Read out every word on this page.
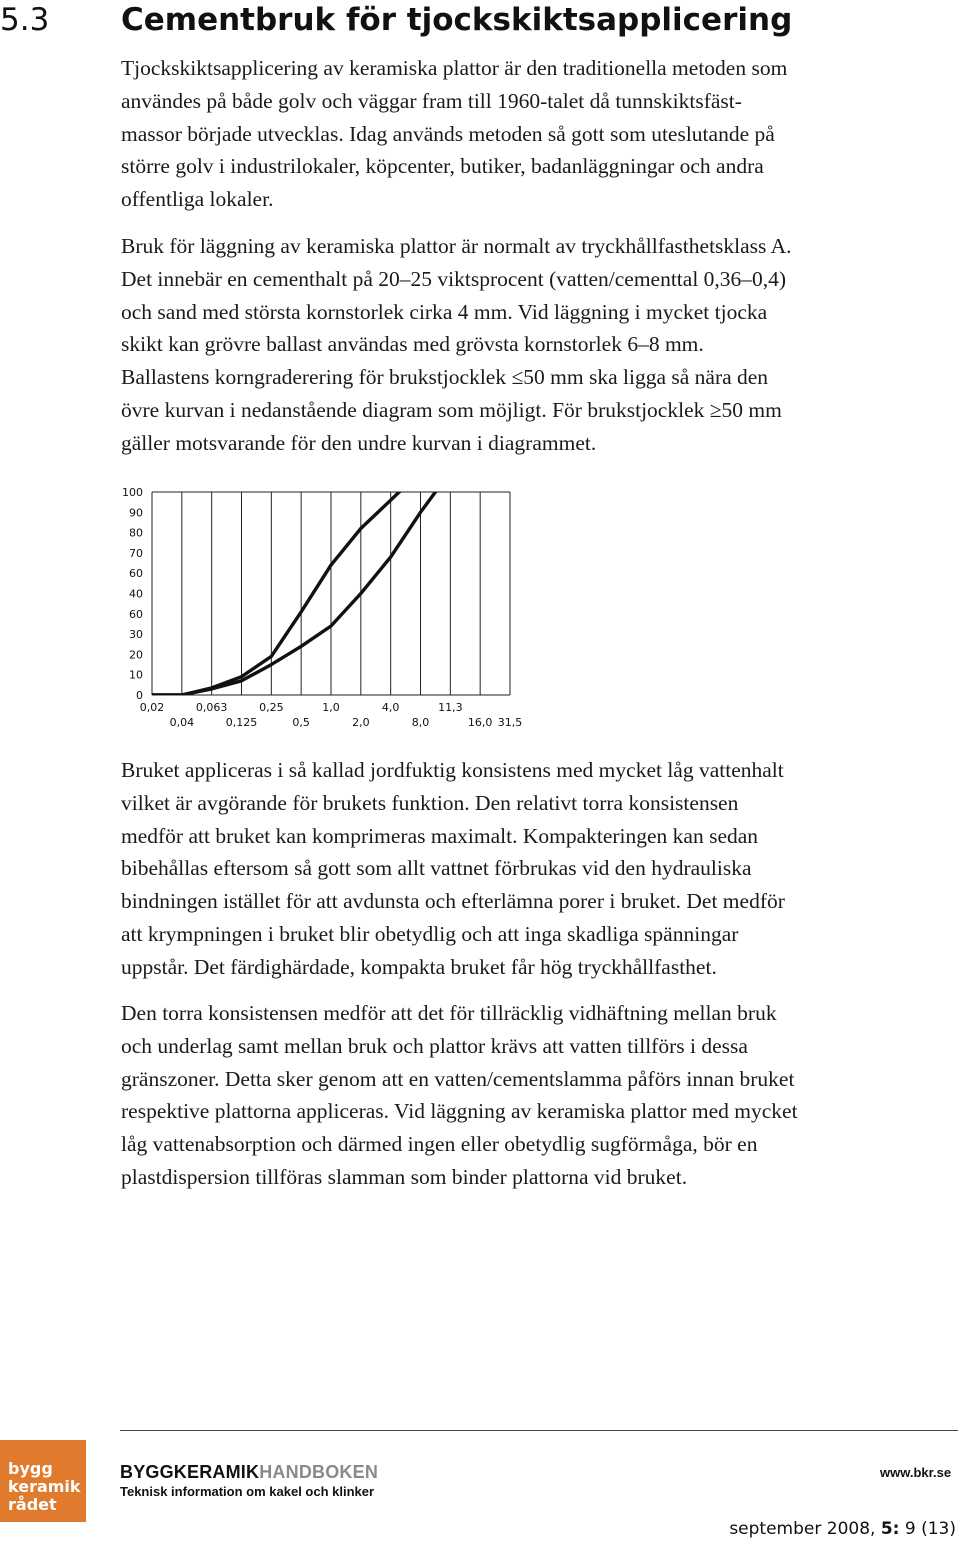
5.3 Cementbruk för tjockskiktsapplicering
Tjockskiktsapplicering av keramiska plattor är den traditionella metoden som
användes på både golv och väggar fram till 1960-talet då tunnskiktsfäst-
massor började utvecklas. Idag används metoden så gott som uteslutande på
större golv i industrilokaler, köpcenter, butiker, badanläggningar och andra
offentliga lokaler.
Bruk för läggning av keramiska plattor är normalt av tryckhållfasthetsklass A.
Det innebär en cementhalt på 20–25 viktsprocent (vatten/cementtal 0,36–0,4)
och sand med största kornstorlek cirka 4 mm. Vid läggning i mycket tjocka
skikt kan grövre ballast användas med grövsta kornstorlek 6–8 mm.
Ballastens korngraderering för brukstjocklek ≤50 mm ska ligga så nära den
övre kurvan i nedanstående diagram som möjligt. För brukstjocklek ≥50 mm
gäller motsvarande för den undre kurvan i diagrammet.
0
10
20
30
60
40
60
70
80
90
100
0,02	0,063	0,25	1,0	4,0	11,3
0,04	0,125	0,5	2,0	8,0	16,0 31,5
Bruket appliceras i så kallad jordfuktig konsistens med mycket låg vattenhalt
vilket är avgörande för brukets funktion. Den relativt torra konsistensen
medför att bruket kan komprimeras maximalt. Kompakteringen kan sedan
bibehållas eftersom så gott som allt vattnet förbrukas vid den hydrauliska
bindningen istället för att avdunsta och efterlämna porer i bruket. Det medför
att krympningen i bruket blir obetydlig och att inga skadliga spänningar
uppstår. Det färdighärdade, kompakta bruket får hög tryckhållfasthet.
Den torra konsistensen medför att det för tillräcklig vidhäftning mellan bruk
och underlag samt mellan bruk och plattor krävs att vatten tillförs i dessa
gränszoner. Detta sker genom att en vatten/cementslamma påförs innan bruket
respektive plattorna appliceras. Vid läggning av keramiska plattor med mycket
låg vattenabsorption och därmed ingen eller obetydlig sugförmåga, bör en
plastdispersion tillföras slamman som binder plattorna vid bruket.
bygg
keramik
rådet
BYGGKERAMIKHANDBOKEN
Teknisk information om kakel och klinker
www.bkr.se
september 2008, 5: 9 (13)
